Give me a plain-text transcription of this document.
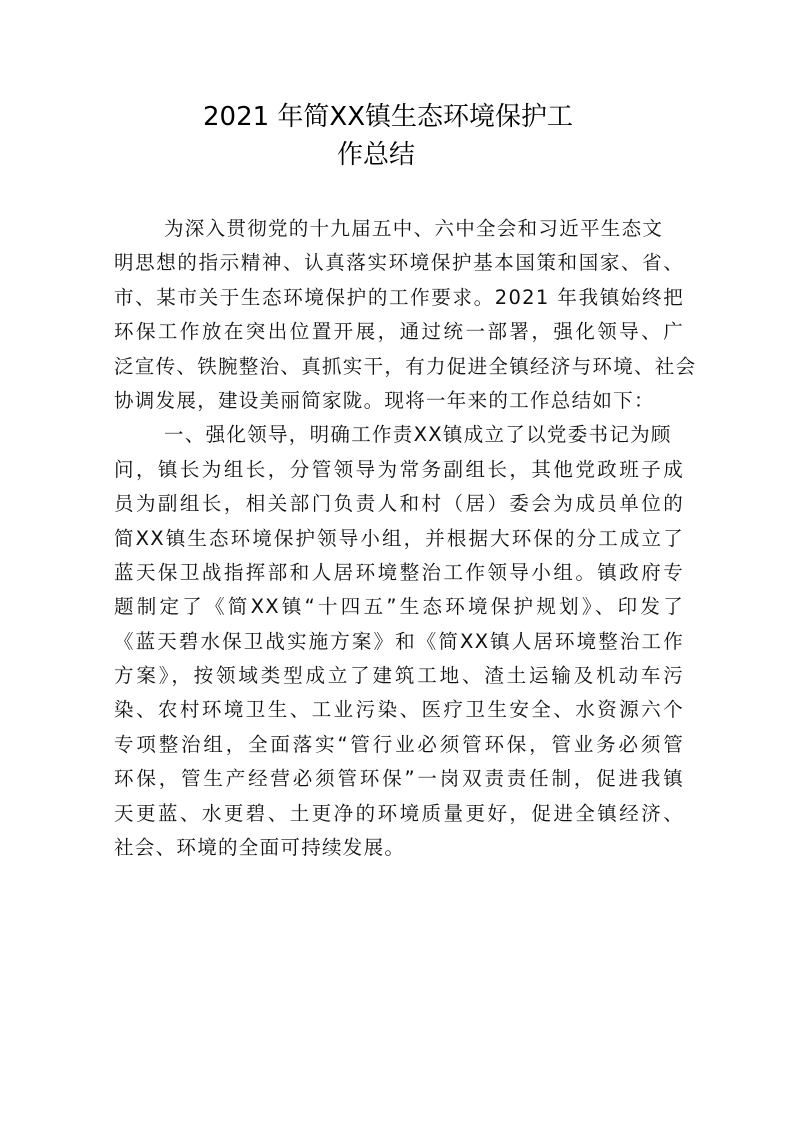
2021 年简XX镇生态环境保护工
作总结
为深入贯彻党的十九届五中、六中全会和习近平生态文
明思想的指示精神、认真落实环境保护基本国策和国家、省、
市、某市关于生态环境保护的工作要求。2021 年我镇始终把
环保工作放在突出位置开展，通过统一部署，强化领导、广
泛宣传、铁腕整治、真抓实干，有力促进全镇经济与环境、社会
协调发展，建设美丽简家陇。现将一年来的工作总结如下：
一、强化领导，明确工作责XX镇成立了以党委书记为顾
问，镇长为组长，分管领导为常务副组长，其他党政班子成
员为副组长，相关部门负责人和村（居）委会为成员单位的
简XX镇生态环境保护领导小组，并根据大环保的分工成立了
蓝天保卫战指挥部和人居环境整治工作领导小组。镇政府专
题制定了《简XX镇“十四五”生态环境保护规划》、印发了
《蓝天碧水保卫战实施方案》和《简XX镇人居环境整治工作
方案》，按领域类型成立了建筑工地、渣土运输及机动车污
染、农村环境卫生、工业污染、医疗卫生安全、水资源六个
专项整治组，全面落实“管行业必须管环保，管业务必须管
环保，管生产经营必须管环保”一岗双责责任制，促进我镇
天更蓝、水更碧、土更净的环境质量更好，促进全镇经济、
社会、环境的全面可持续发展。
